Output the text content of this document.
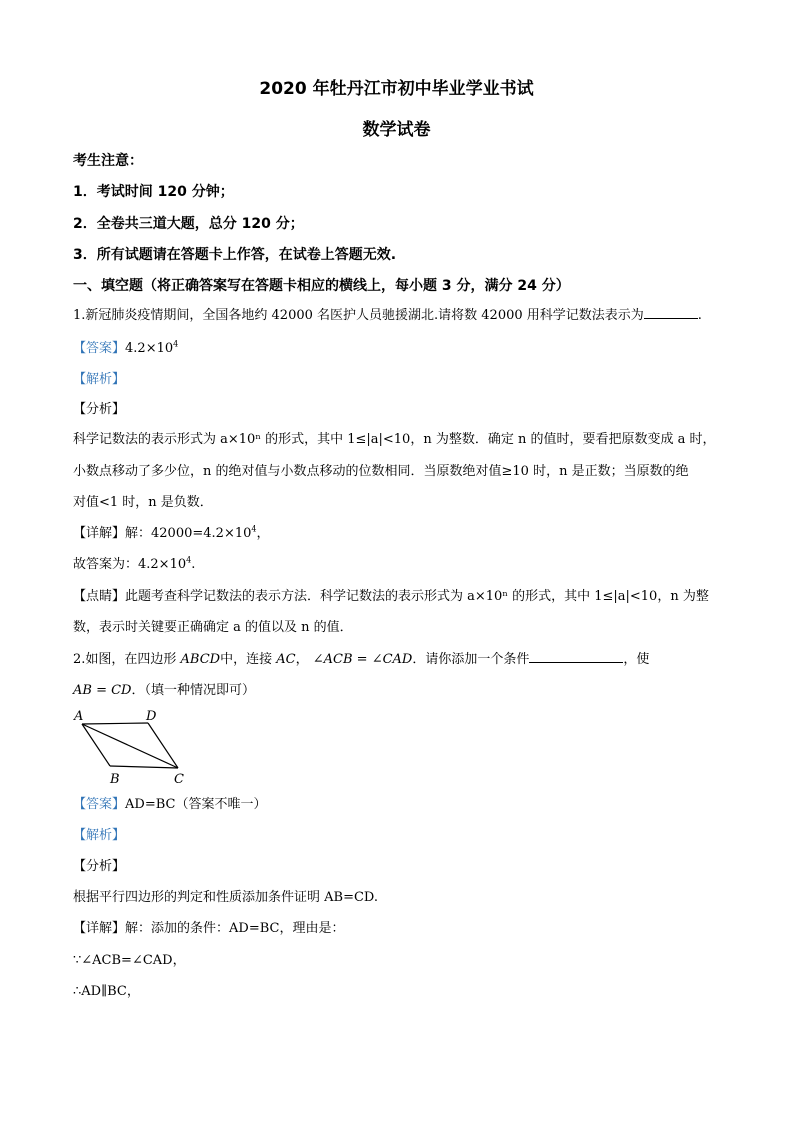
2020 年牡丹江市初中毕业学业书试
数学试卷
考生注意：
1．考试时间 120 分钟；
2．全卷共三道大题，总分 120 分；
3．所有试题请在答题卡上作答，在试卷上答题无效.
一、填空题（将正确答案写在答题卡相应的横线上，每小题 3 分，满分 24 分）
1.新冠肺炎疫情期间，全国各地约 42000 名医护人员驰援湖北.请将数 42000 用科学记数法表示为	.
【答案】$4.2\times 10^4$
【解析】
【分析】
科学记数法的表示形式为 a×10ⁿ 的形式，其中 1≤|a|<10，n 为整数．确定 n 的值时，要看把原数变成 a 时，
小数点移动了多少位，n 的绝对值与小数点移动的位数相同．当原数绝对值≥10 时，n 是正数；当原数的绝
对值<1 时，n 是负数．
【详解】解：$42000=4.2\times 10^4$，
故答案为：$4.2\times 10^4$.
【点睛】此题考查科学记数法的表示方法．科学记数法的表示形式为 a×10ⁿ 的形式，其中 1≤|a|<10，n 为整
数，表示时关键要正确确定 a 的值以及 n 的值．
2.如图，在四边形 ABCD中，连接 AC， ∠ACB = ∠CAD．请你添加一个条件	，使
AB = CD．（填一种情况即可）
A	D
B	C
【答案】AD=BC（答案不唯一）
【解析】
【分析】
根据平行四边形的判定和性质添加条件证明 AB=CD.
【详解】解：添加的条件：AD=BC，理由是：
∵∠ACB=∠CAD，
∴AD∥BC，
